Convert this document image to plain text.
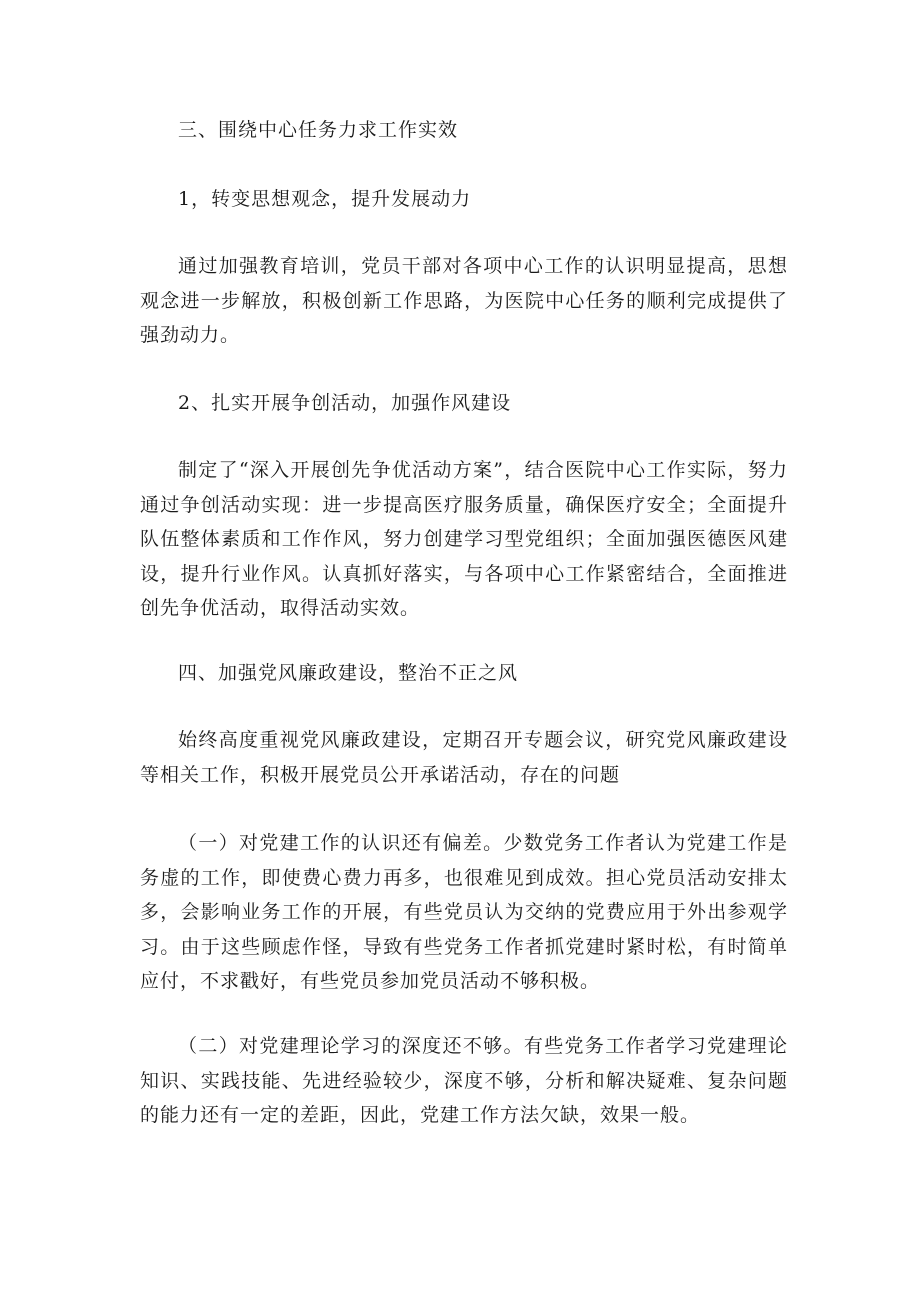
三、围绕中心任务力求工作实效

1，转变思想观念，提升发展动力

通过加强教育培训，党员干部对各项中心工作的认识明显提高，思想观念进一步解放，积极创新工作思路，为医院中心任务的顺利完成提供了强劲动力。

2、扎实开展争创活动，加强作风建设

制定了“深入开展创先争优活动方案”，结合医院中心工作实际，努力通过争创活动实现：进一步提高医疗服务质量，确保医疗安全；全面提升队伍整体素质和工作作风，努力创建学习型党组织；全面加强医德医风建设，提升行业作风。认真抓好落实，与各项中心工作紧密结合，全面推进创先争优活动，取得活动实效。

四、加强党风廉政建设，整治不正之风

始终高度重视党风廉政建设，定期召开专题会议，研究党风廉政建设等相关工作，积极开展党员公开承诺活动，存在的问题

（一）对党建工作的认识还有偏差。少数党务工作者认为党建工作是务虚的工作，即使费心费力再多，也很难见到成效。担心党员活动安排太多，会影响业务工作的开展，有些党员认为交纳的党费应用于外出参观学习。由于这些顾虑作怪，导致有些党务工作者抓党建时紧时松，有时简单应付，不求戳好，有些党员参加党员活动不够积极。

（二）对党建理论学习的深度还不够。有些党务工作者学习党建理论知识、实践技能、先进经验较少，深度不够，分析和解决疑难、复杂问题的能力还有一定的差距，因此，党建工作方法欠缺，效果一般。
